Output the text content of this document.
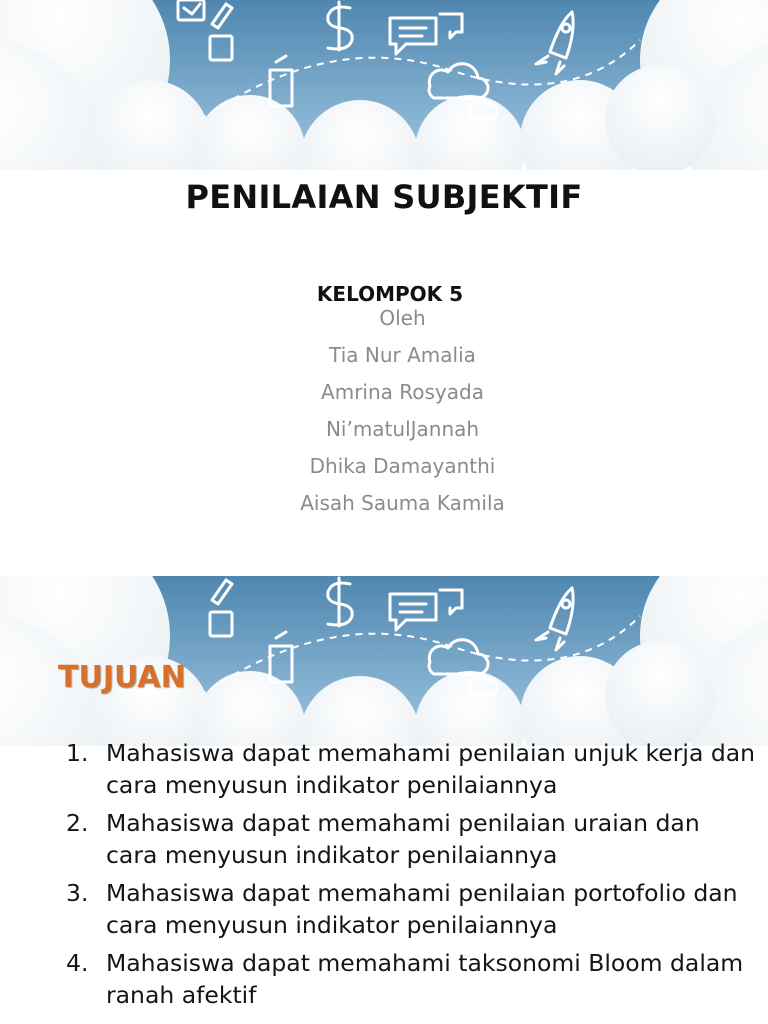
PENILAIAN SUBJEKTIF
KELOMPOK 5
Oleh
Tia Nur Amalia
Amrina Rosyada
Ni’matulJannah
Dhika Damayanthi
Aisah Sauma Kamila
TUJUAN
1. Mahasiswa dapat memahami penilaian unjuk kerja dan cara menyusun indikator penilaiannya
2. Mahasiswa dapat memahami penilaian uraian dan cara menyusun indikator penilaiannya
3. Mahasiswa dapat memahami penilaian portofolio dan cara menyusun indikator penilaiannya
4. Mahasiswa dapat memahami taksonomi Bloom dalam ranah afektif
